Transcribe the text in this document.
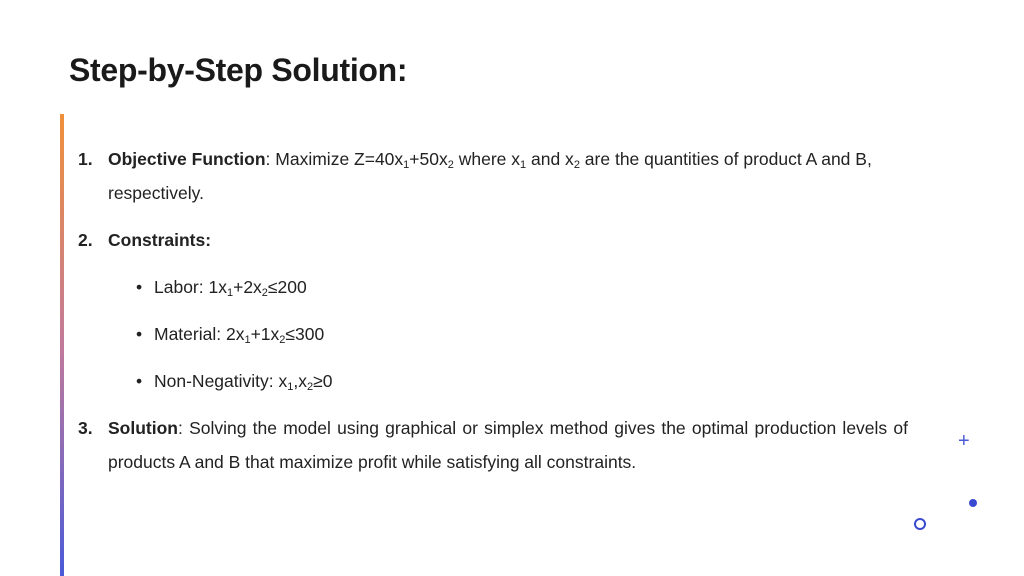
Step-by-Step Solution:
1. Objective Function: Maximize $Z=40x_1+50x_2$ where $x_1$ and $x_2$ are the quantities of product A and B, respectively.
2. Constraints:
• Labor: $1x_1+2x_2\le 200$
• Material: $2x_1+1x_2\le 300$
• Non-Negativity: $x_1,x_2\ge 0$
3. Solution: Solving the model using graphical or simplex method gives the optimal production levels of products A and B that maximize profit while satisfying all constraints.
+
